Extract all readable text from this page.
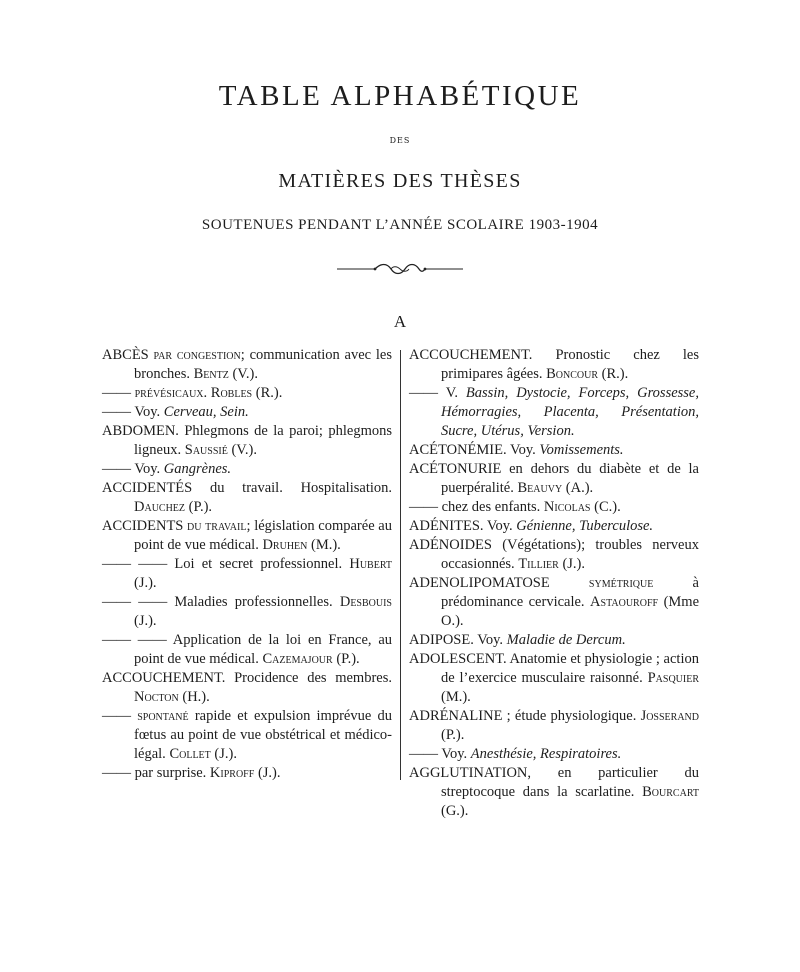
TABLE ALPHABÉTIQUE
DES
MATIÈRES DES THÈSES
SOUTENUES PENDANT L’ANNÉE SCOLAIRE 1903-1904
A
ABCÈS par congestion; communication avec les bronches. Bentz (V.).
—— prévésicaux. Robles (R.).
—— Voy. Cerveau, Sein.
ABDOMEN. Phlegmons de la paroi; phlegmons ligneux. Saussié (V.).
—— Voy. Gangrènes.
ACCIDENTÉS du travail. Hospitalisation. Dauchez (P.).
ACCIDENTS du travail; législation comparée au point de vue médical. Druhen (M.).
—— —— Loi et secret professionnel. Hubert (J.).
—— —— Maladies professionnelles. Desbouis (J.).
—— —— Application de la loi en France, au point de vue médical. Cazemajour (P.).
ACCOUCHEMENT. Procidence des membres. Nocton (H.).
—— spontané rapide et expulsion imprévue du fœtus au point de vue obstétrical et médico-légal. Collet (J.).
—— par surprise. Kiproff (J.).
ACCOUCHEMENT. Pronostic chez les primipares âgées. Boncour (R.).
—— V. Bassin, Dystocie, Forceps, Grossesse, Hémorragies, Placenta, Présentation, Sucre, Utérus, Version.
ACÉTONÉMIE. Voy. Vomissements.
ACÉTONURIE en dehors du diabète et de la puerpéralité. Beauvy (A.).
—— chez des enfants. Nicolas (C.).
ADÉNITES. Voy. Génienne, Tuberculose.
ADÉNOIDES (Végétations); troubles nerveux occasionnés. Tillier (J.).
ADENOLIPOMATOSE symétrique à prédominance cervicale. Astaouroff (Mme O.).
ADIPOSE. Voy. Maladie de Dercum.
ADOLESCENT. Anatomie et physiologie ; action de l’exercice musculaire raisonné. Pasquier (M.).
ADRÉNALINE ; étude physiologique. Josserand (P.).
—— Voy. Anesthésie, Respiratoires.
AGGLUTINATION, en particulier du streptocoque dans la scarlatine. Bourcart (G.).
